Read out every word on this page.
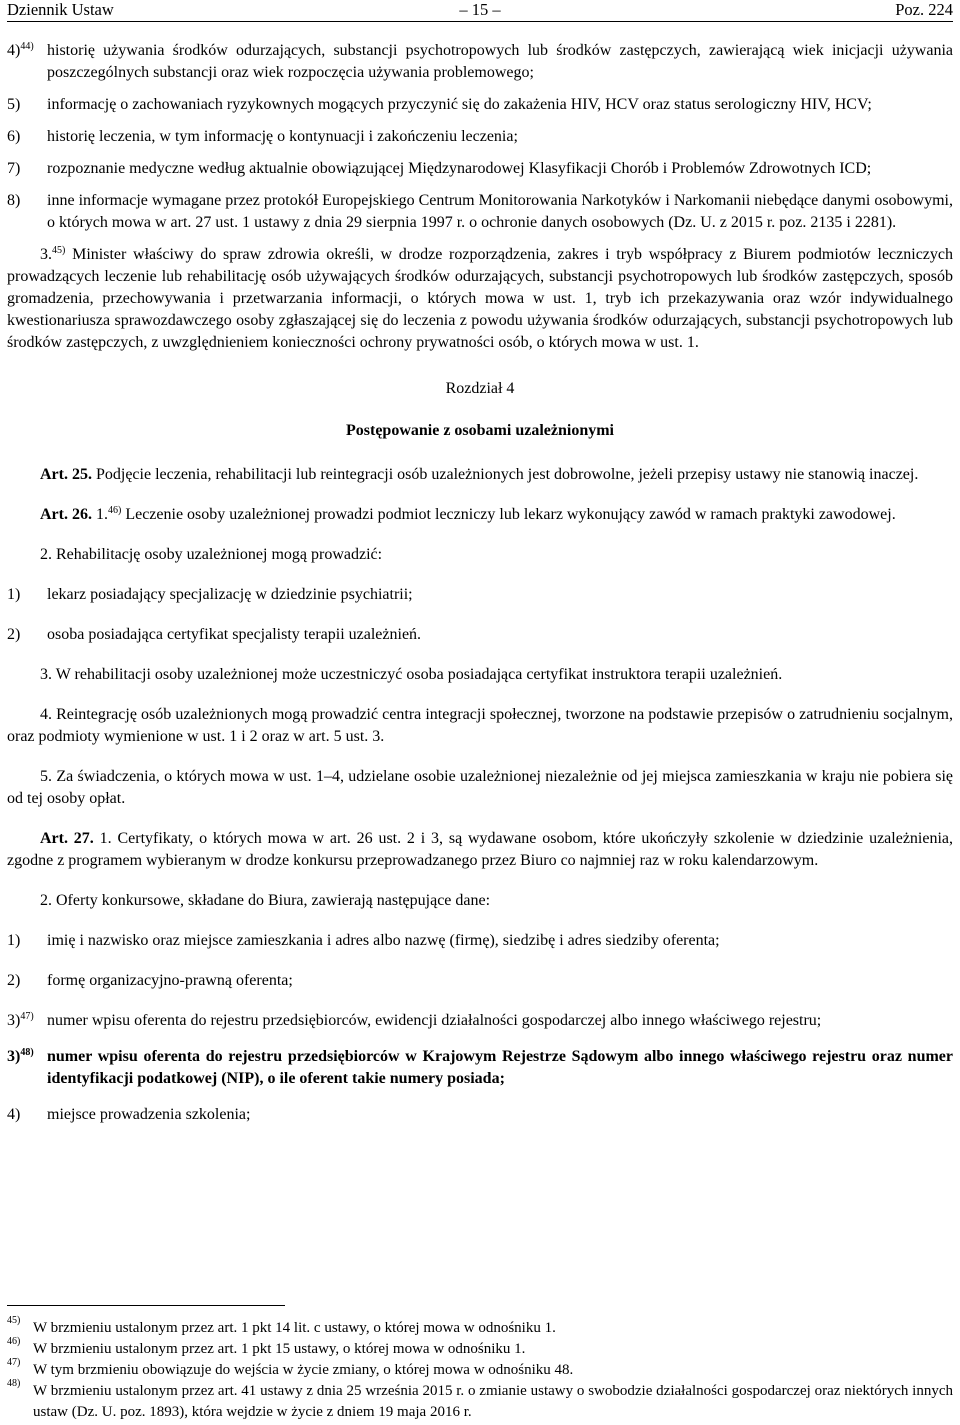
Dziennik Ustaw	– 15 –	Poz. 224

4)$^{44)}$ historię używania środków odurzających, substancji psychotropowych lub środków zastępczych, zawierającą wiek inicjacji używania poszczególnych substancji oraz wiek rozpoczęcia używania problemowego;

5) informację o zachowaniach ryzykownych mogących przyczynić się do zakażenia HIV, HCV oraz status serologiczny HIV, HCV;

6) historię leczenia, w tym informację o kontynuacji i zakończeniu leczenia;

7) rozpoznanie medyczne według aktualnie obowiązującej Międzynarodowej Klasyfikacji Chorób i Problemów Zdrowotnych ICD;

8) inne informacje wymagane przez protokół Europejskiego Centrum Monitorowania Narkotyków i Narkomanii niebędące danymi osobowymi, o których mowa w art. 27 ust. 1 ustawy z dnia 29 sierpnia 1997 r. o ochronie danych osobowych (Dz. U. z 2015 r. poz. 2135 i 2281).

3.$^{45)}$ Minister właściwy do spraw zdrowia określi, w drodze rozporządzenia, zakres i tryb współpracy z Biurem podmiotów leczniczych prowadzących leczenie lub rehabilitację osób używających środków odurzających, substancji psychotropowych lub środków zastępczych, sposób gromadzenia, przechowywania i przetwarzania informacji, o których mowa w ust. 1, tryb ich przekazywania oraz wzór indywidualnego kwestionariusza sprawozdawczego osoby zgłaszającej się do leczenia z powodu używania środków odurzających, substancji psychotropowych lub środków zastępczych, z uwzględnieniem konieczności ochrony prywatności osób, o których mowa w ust. 1.

Rozdział 4

Postępowanie z osobami uzależnionymi

Art. 25. Podjęcie leczenia, rehabilitacji lub reintegracji osób uzależnionych jest dobrowolne, jeżeli przepisy ustawy nie stanowią inaczej.

Art. 26. 1.$^{46)}$ Leczenie osoby uzależnionej prowadzi podmiot leczniczy lub lekarz wykonujący zawód w ramach praktyki zawodowej.

2. Rehabilitację osoby uzależnionej mogą prowadzić:

1) lekarz posiadający specjalizację w dziedzinie psychiatrii;

2) osoba posiadająca certyfikat specjalisty terapii uzależnień.

3. W rehabilitacji osoby uzależnionej może uczestniczyć osoba posiadająca certyfikat instruktora terapii uzależnień.

4. Reintegrację osób uzależnionych mogą prowadzić centra integracji społecznej, tworzone na podstawie przepisów o zatrudnieniu socjalnym, oraz podmioty wymienione w ust. 1 i 2 oraz w art. 5 ust. 3.

5. Za świadczenia, o których mowa w ust. 1–4, udzielane osobie uzależnionej niezależnie od jej miejsca zamieszkania w kraju nie pobiera się od tej osoby opłat.

Art. 27. 1. Certyfikaty, o których mowa w art. 26 ust. 2 i 3, są wydawane osobom, które ukończyły szkolenie w dziedzinie uzależnienia, zgodne z programem wybieranym w drodze konkursu przeprowadzanego przez Biuro co najmniej raz w roku kalendarzowym.

2. Oferty konkursowe, składane do Biura, zawierają następujące dane:

1) imię i nazwisko oraz miejsce zamieszkania i adres albo nazwę (firmę), siedzibę i adres siedziby oferenta;

2) formę organizacyjno-prawną oferenta;

3)$^{47)}$ numer wpisu oferenta do rejestru przedsiębiorców, ewidencji działalności gospodarczej albo innego właściwego rejestru;

3)$^{48)}$ numer wpisu oferenta do rejestru przedsiębiorców w Krajowym Rejestrze Sądowym albo innego właściwego rejestru oraz numer identyfikacji podatkowej (NIP), o ile oferent takie numery posiada;

4) miejsce prowadzenia szkolenia;

45) W brzmieniu ustalonym przez art. 1 pkt 14 lit. c ustawy, o której mowa w odnośniku 1.

46) W brzmieniu ustalonym przez art. 1 pkt 15 ustawy, o której mowa w odnośniku 1.

47) W tym brzmieniu obowiązuje do wejścia w życie zmiany, o której mowa w odnośniku 48.

48) W brzmieniu ustalonym przez art. 41 ustawy z dnia 25 września 2015 r. o zmianie ustawy o swobodzie działalności gospodarczej oraz niektórych innych ustaw (Dz. U. poz. 1893), która wejdzie w życie z dniem 19 maja 2016 r.
